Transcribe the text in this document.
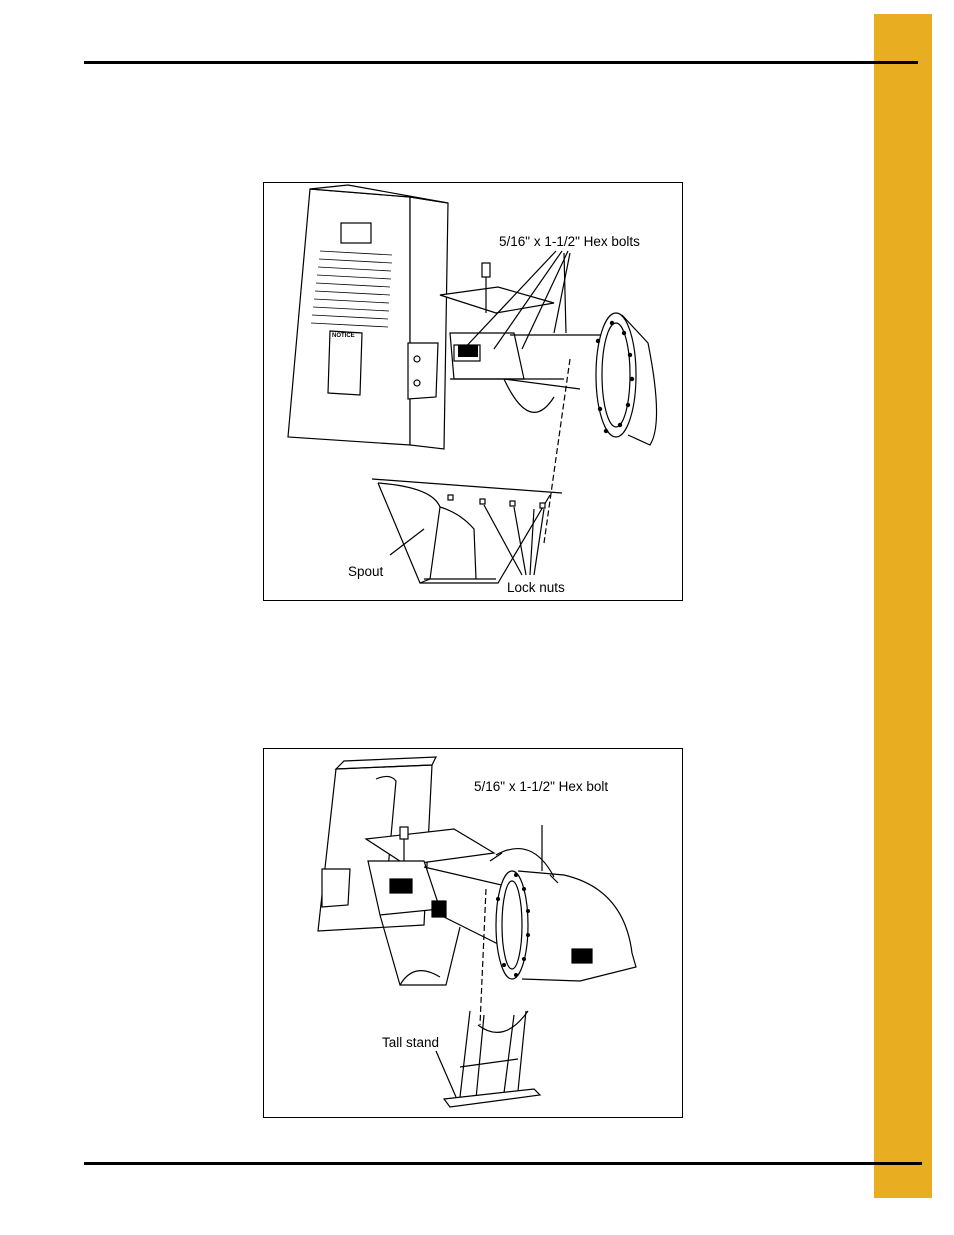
5/16" x 1-1/2" Hex bolts
Spout
Lock nuts
NOTICE
5/16" x 1-1/2" Hex bolt
Tall stand
